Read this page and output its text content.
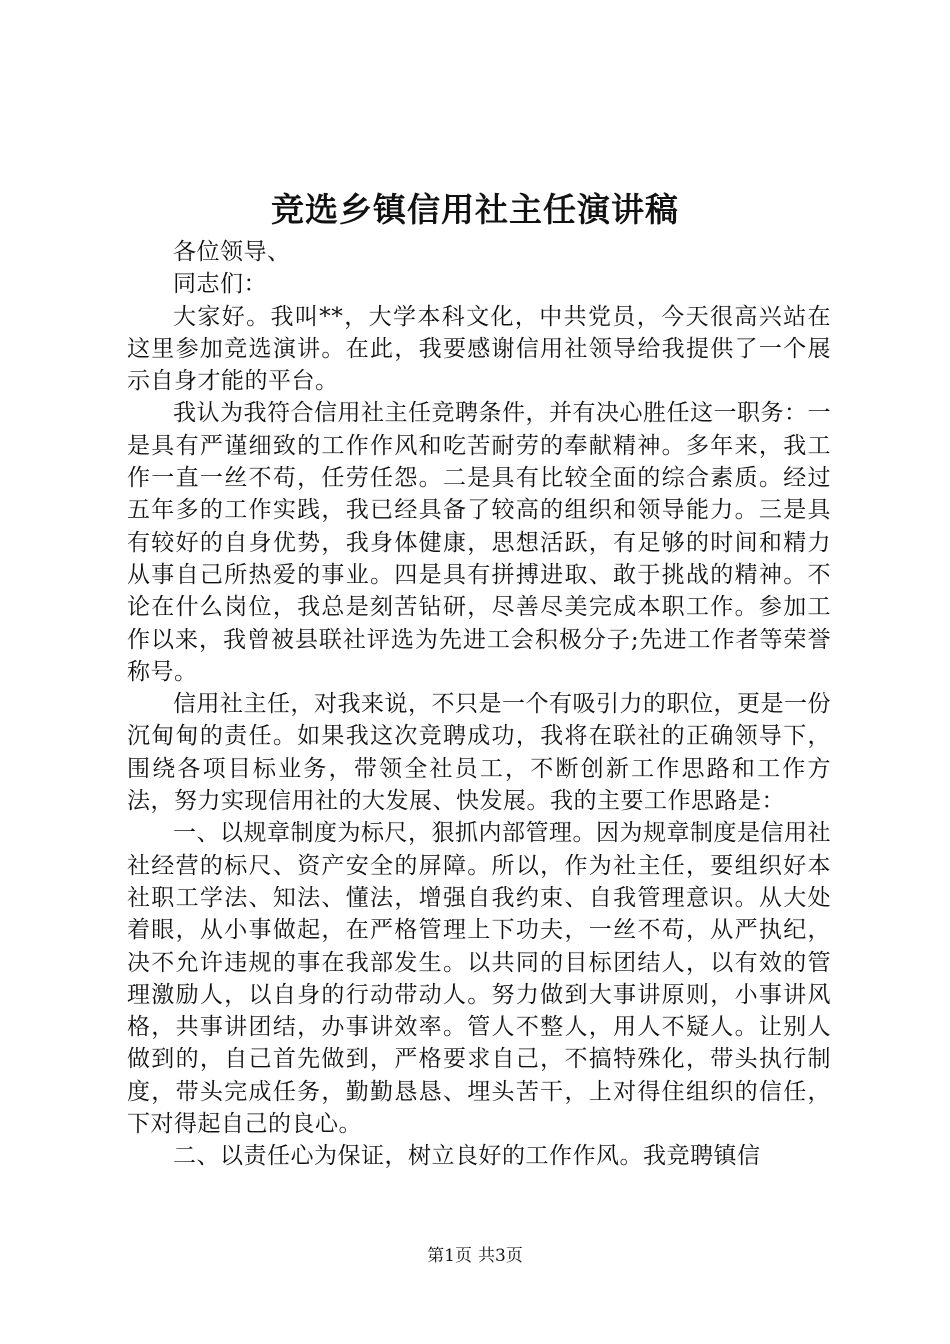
竞选乡镇信用社主任演讲稿

各位领导、

同志们：

大家好。我叫**，大学本科文化，中共党员，今天很高兴站在这里参加竞选演讲。在此，我要感谢信用社领导给我提供了一个展示自身才能的平台。

我认为我符合信用社主任竞聘条件，并有决心胜任这一职务：一是具有严谨细致的工作作风和吃苦耐劳的奉献精神。多年来，我工作一直一丝不苟，任劳任怨。二是具有比较全面的综合素质。经过五年多的工作实践，我已经具备了较高的组织和领导能力。三是具有较好的自身优势，我身体健康，思想活跃，有足够的时间和精力从事自己所热爱的事业。四是具有拼搏进取、敢于挑战的精神。不论在什么岗位，我总是刻苦钻研，尽善尽美完成本职工作。参加工作以来，我曾被县联社评选为先进工会积极分子;先进工作者等荣誉称号。

信用社主任，对我来说，不只是一个有吸引力的职位，更是一份沉甸甸的责任。如果我这次竞聘成功，我将在联社的正确领导下，围绕各项目标业务，带领全社员工，不断创新工作思路和工作方法，努力实现信用社的大发展、快发展。我的主要工作思路是：

一、以规章制度为标尺，狠抓内部管理。因为规章制度是信用社社经营的标尺、资产安全的屏障。所以，作为社主任，要组织好本社职工学法、知法、懂法，增强自我约束、自我管理意识。从大处着眼，从小事做起，在严格管理上下功夫，一丝不苟，从严执纪，决不允许违规的事在我部发生。以共同的目标团结人，以有效的管理激励人，以自身的行动带动人。努力做到大事讲原则，小事讲风格，共事讲团结，办事讲效率。管人不整人，用人不疑人。让别人做到的，自己首先做到，严格要求自己，不搞特殊化，带头执行制度，带头完成任务，勤勤恳恳、埋头苦干，上对得住组织的信任，下对得起自己的良心。

二、以责任心为保证，树立良好的工作作风。我竞聘镇信

第1页 共3页
